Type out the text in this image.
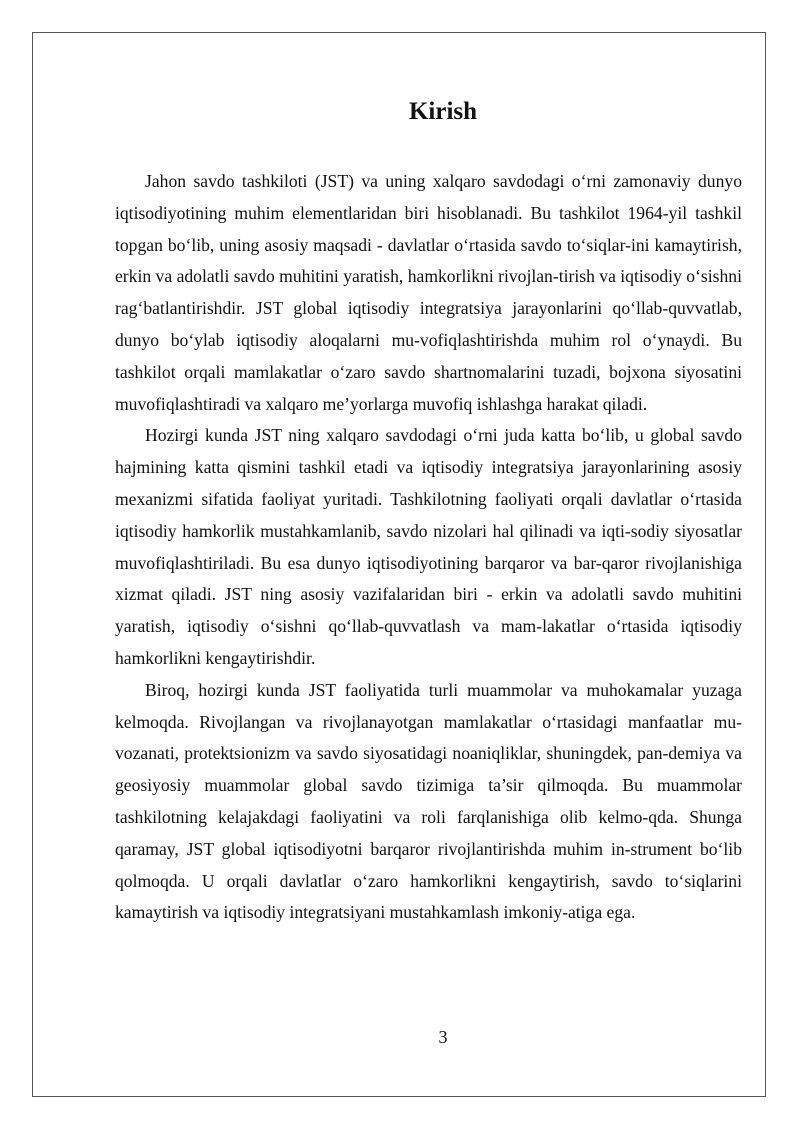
Kirish

Jahon savdo tashkiloti (JST) va uning xalqaro savdodagi o‘rni zamonaviy dunyo iqtisodiyotining muhim elementlaridan biri hisoblanadi. Bu tashkilot 1964-yil tashkil topgan bo‘lib, uning asosiy maqsadi - davlatlar o‘rtasida savdo to‘siqlar-ini kamaytirish, erkin va adolatli savdo muhitini yaratish, hamkorlikni rivojlan-tirish va iqtisodiy o‘sishni rag‘batlantirishdir. JST global iqtisodiy integratsiya jarayonlarini qo‘llab-quvvatlab, dunyo bo‘ylab iqtisodiy aloqalarni mu-vofiqlashtirishda muhim rol o‘ynaydi. Bu tashkilot orqali mamlakatlar o‘zaro savdo shartnomalarini tuzadi, bojxona siyosatini muvofiqlashtiradi va xalqaro me’yorlarga muvofiq ishlashga harakat qiladi.

Hozirgi kunda JST ning xalqaro savdodagi o‘rni juda katta bo‘lib, u global savdo hajmining katta qismini tashkil etadi va iqtisodiy integratsiya jarayonlarining asosiy mexanizmi sifatida faoliyat yuritadi. Tashkilotning faoliyati orqali davlatlar o‘rtasida iqtisodiy hamkorlik mustahkamlanib, savdo nizolari hal qilinadi va iqti-sodiy siyosatlar muvofiqlashtiriladi. Bu esa dunyo iqtisodiyotining barqaror va bar-qaror rivojlanishiga xizmat qiladi. JST ning asosiy vazifalaridan biri - erkin va adolatli savdo muhitini yaratish, iqtisodiy o‘sishni qo‘llab-quvvatlash va mam-lakatlar o‘rtasida iqtisodiy hamkorlikni kengaytirishdir.

Biroq, hozirgi kunda JST faoliyatida turli muammolar va muhokamalar yuzaga kelmoqda. Rivojlangan va rivojlanayotgan mamlakatlar o‘rtasidagi manfaatlar mu-vozanati, protektsionizm va savdo siyosatidagi noaniqliklar, shuningdek, pan-demiya va geosiyosiy muammolar global savdo tizimiga ta’sir qilmoqda. Bu muammolar tashkilotning kelajakdagi faoliyatini va roli farqlanishiga olib kelmo-qda. Shunga qaramay, JST global iqtisodiyotni barqaror rivojlantirishda muhim in-strument bo‘lib qolmoqda. U orqali davlatlar o‘zaro hamkorlikni kengaytirish, savdo to‘siqlarini kamaytirish va iqtisodiy integratsiyani mustahkamlash imkoniy-atiga ega.

3
